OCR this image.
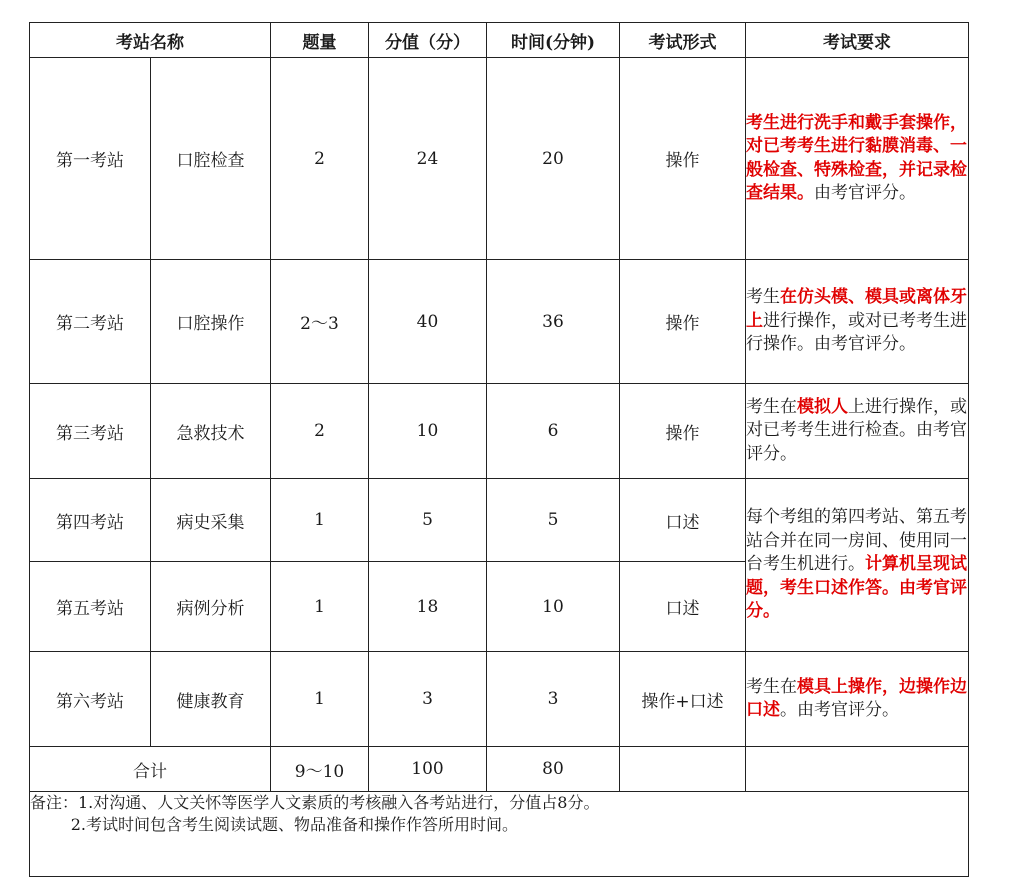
考站名称		题量	分值（分）	时间(分钟)	考试形式	考试要求
第一考站	口腔检查	2	24	20	操作	考生进行洗手和戴手套操作，对已考考生进行黏膜消毒、一般检查、特殊检查，并记录检查结果。由考官评分。
第二考站	口腔操作	2～3	40	36	操作	考生在仿头模、模具或离体牙上进行操作，或对已考考生进行操作。由考官评分。
第三考站	急救技术	2	10	6	操作	考生在模拟人上进行操作，或对已考考生进行检查。由考官评分。
第四考站	病史采集	1	5	5	口述	每个考组的第四考站、第五考站合并在同一房间、使用同一台考生机进行。计算机呈现试题，考生口述作答。由考官评分。
第五考站	病例分析	1	18	10	口述	
第六考站	健康教育	1	3	3	操作+口述	考生在模具上操作，边操作边口述。由考官评分。
合计		9～10	100	80		

备注：1.对沟通、人文关怀等医学人文素质的考核融入各考站进行，分值占8分。
2.考试时间包含考生阅读试题、物品准备和操作作答所用时间。						
